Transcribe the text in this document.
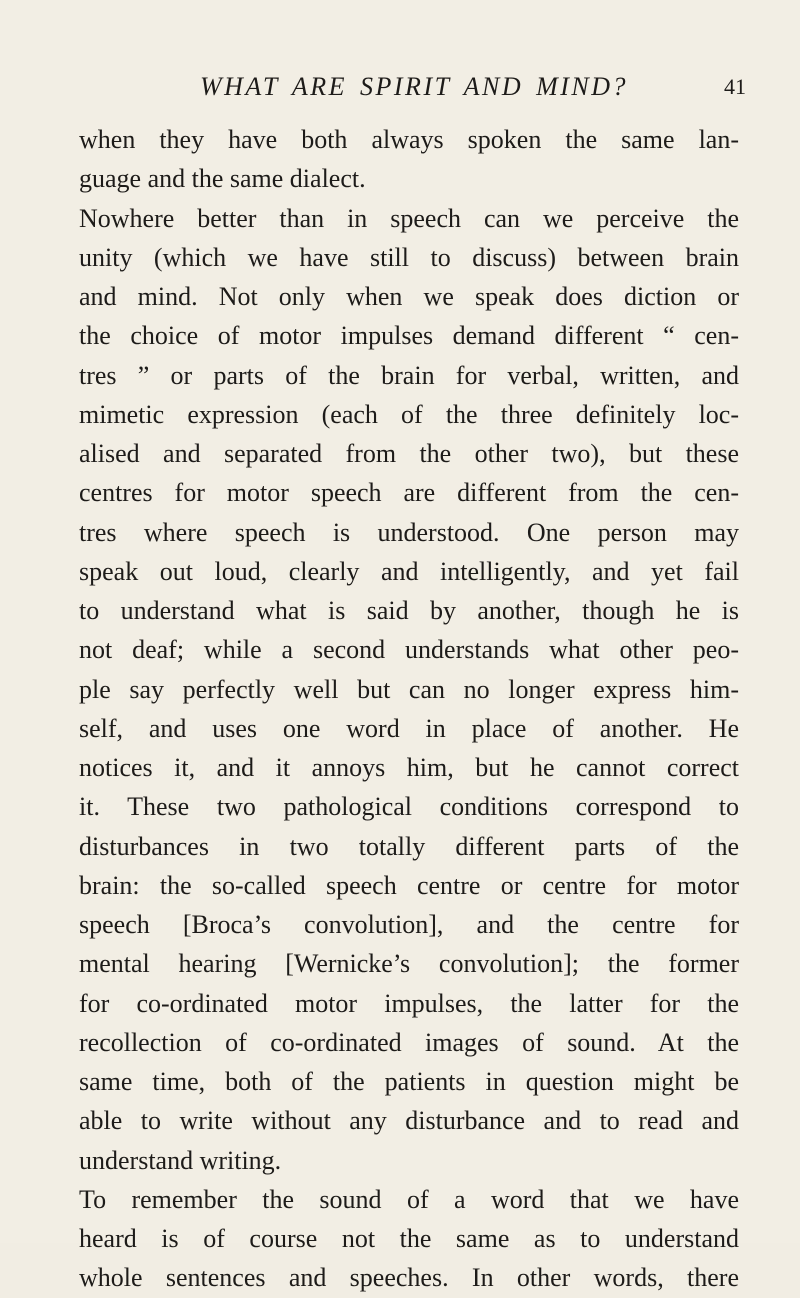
WHAT ARE SPIRIT AND MIND?	41
when they have both always spoken the same lan-
guage and the same dialect.
Nowhere better than in speech can we perceive the
unity (which we have still to discuss) between brain
and mind. Not only when we speak does diction or
the choice of motor impulses demand different “ cen-
tres ” or parts of the brain for verbal, written, and
mimetic expression (each of the three definitely loc-
alised and separated from the other two), but these
centres for motor speech are different from the cen-
tres where speech is understood. One person may
speak out loud, clearly and intelligently, and yet fail
to understand what is said by another, though he is
not deaf; while a second understands what other peo-
ple say perfectly well but can no longer express him-
self, and uses one word in place of another. He
notices it, and it annoys him, but he cannot correct
it. These two pathological conditions correspond to
disturbances in two totally different parts of the
brain: the so-called speech centre or centre for motor
speech [Broca’s convolution], and the centre for
mental hearing [Wernicke’s convolution]; the former
for co-ordinated motor impulses, the latter for the
recollection of co-ordinated images of sound. At the
same time, both of the patients in question might be
able to write without any disturbance and to read and
understand writing.
To remember the sound of a word that we have
heard is of course not the same as to understand
whole sentences and speeches. In other words, there
